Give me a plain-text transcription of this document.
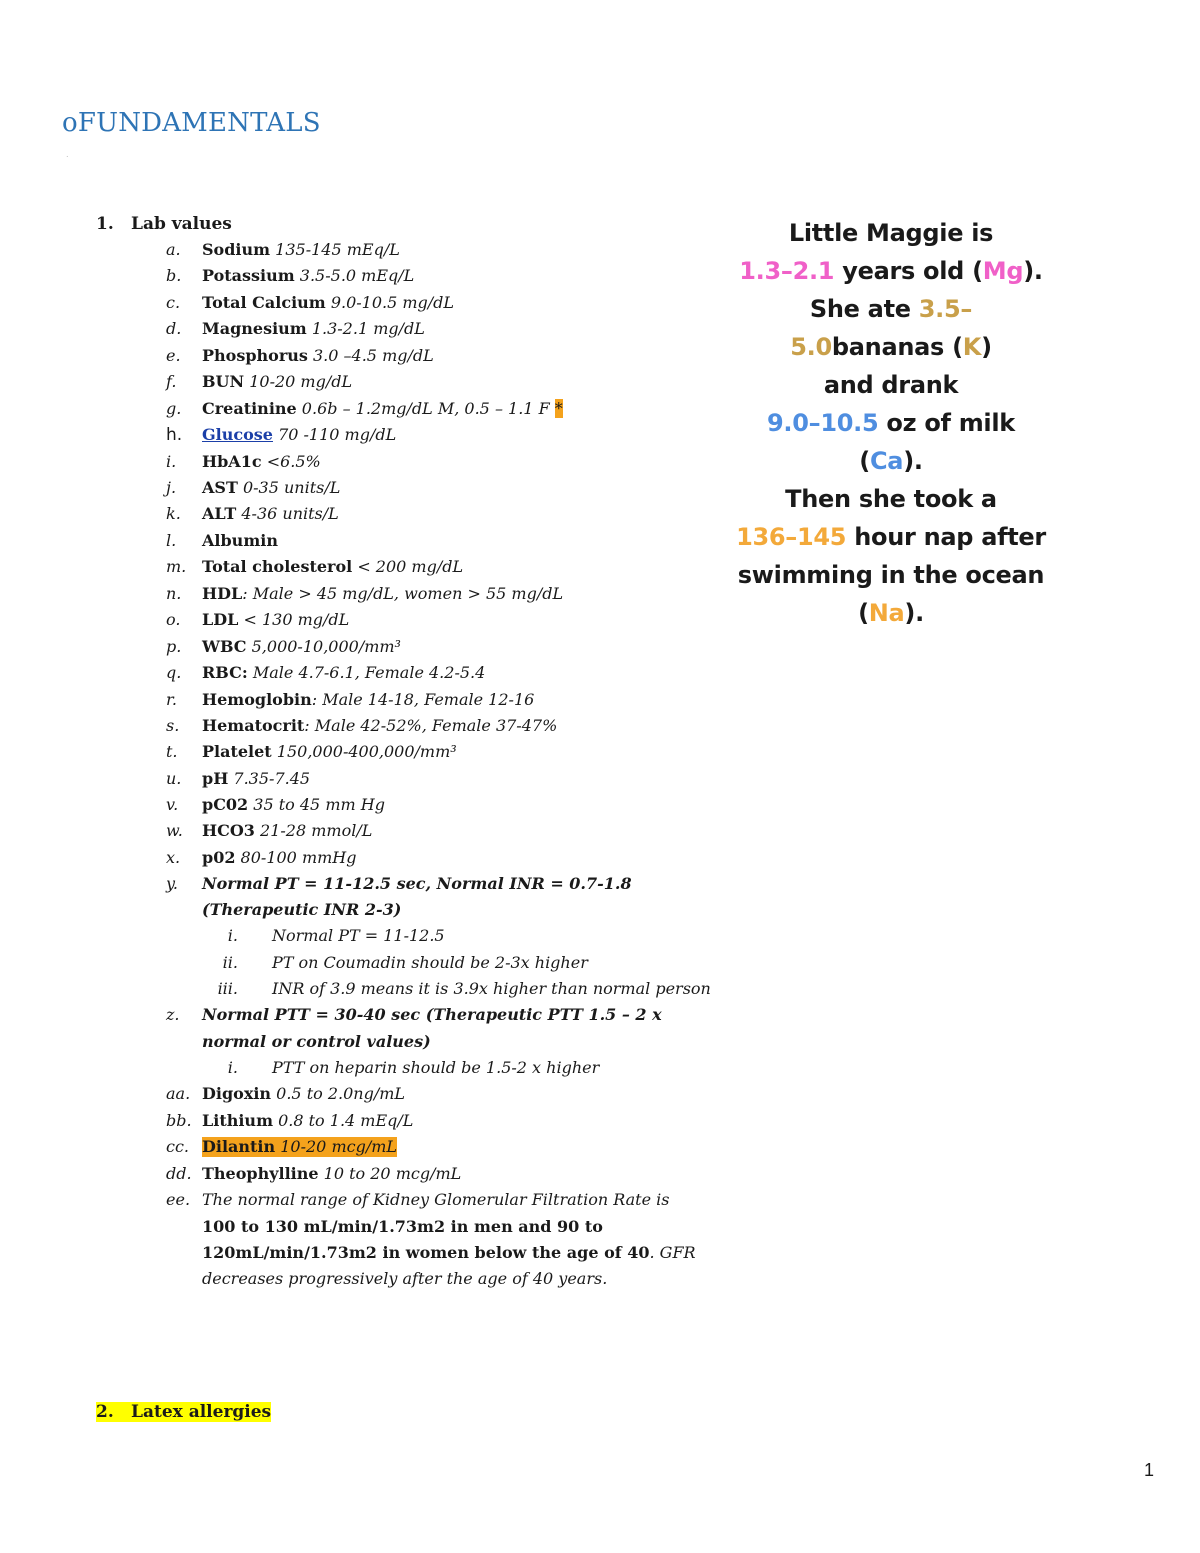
oFUNDAMENTALS
.
1. Lab values
a. Sodium 135-145 mEq/L
b. Potassium 3.5-5.0 mEq/L
c. Total Calcium 9.0-10.5 mg/dL
d. Magnesium 1.3-2.1 mg/dL
e. Phosphorus 3.0 –4.5 mg/dL
f. BUN 10-20 mg/dL
g. Creatinine 0.6b – 1.2mg/dL M, 0.5 – 1.1 F *
h. Glucose 70 -110 mg/dL
i. HbA1c <6.5%
j. AST 0-35 units/L
k. ALT 4-36 units/L
l. Albumin
m. Total cholesterol < 200 mg/dL
n. HDL: Male > 45 mg/dL, women > 55 mg/dL
o. LDL < 130 mg/dL
p. WBC 5,000-10,000/mm³
q. RBC: Male 4.7-6.1, Female 4.2-5.4
r. Hemoglobin: Male 14-18, Female 12-16
s. Hematocrit: Male 42-52%, Female 37-47%
t. Platelet 150,000-400,000/mm³
u. pH 7.35-7.45
v. pC02 35 to 45 mm Hg
w. HCO3 21-28 mmol/L
x. p02 80-100 mmHg
y. Normal PT = 11-12.5 sec, Normal INR = 0.7-1.8
(Therapeutic INR 2-3)
i. Normal PT = 11-12.5
ii. PT on Coumadin should be 2-3x higher
iii. INR of 3.9 means it is 3.9x higher than normal person
z. Normal PTT = 30-40 sec (Therapeutic PTT 1.5 – 2 x
normal or control values)
i. PTT on heparin should be 1.5-2 x higher
aa. Digoxin 0.5 to 2.0ng/mL
bb. Lithium 0.8 to 1.4 mEq/L
cc. Dilantin 10-20 mcg/mL
dd. Theophylline 10 to 20 mcg/mL
ee. The normal range of Kidney Glomerular Filtration Rate is
100 to 130 mL/min/1.73m2 in men and 90 to
120mL/min/1.73m2 in women below the age of 40. GFR
decreases progressively after the age of 40 years.
2. Latex allergies
Little Maggie is
1.3–2.1 years old (Mg).
She ate 3.5–5.0bananas (K)
and drank
9.0–10.5 oz of milk (Ca).
Then she took a
136–145 hour nap after
swimming in the ocean (Na).
1
